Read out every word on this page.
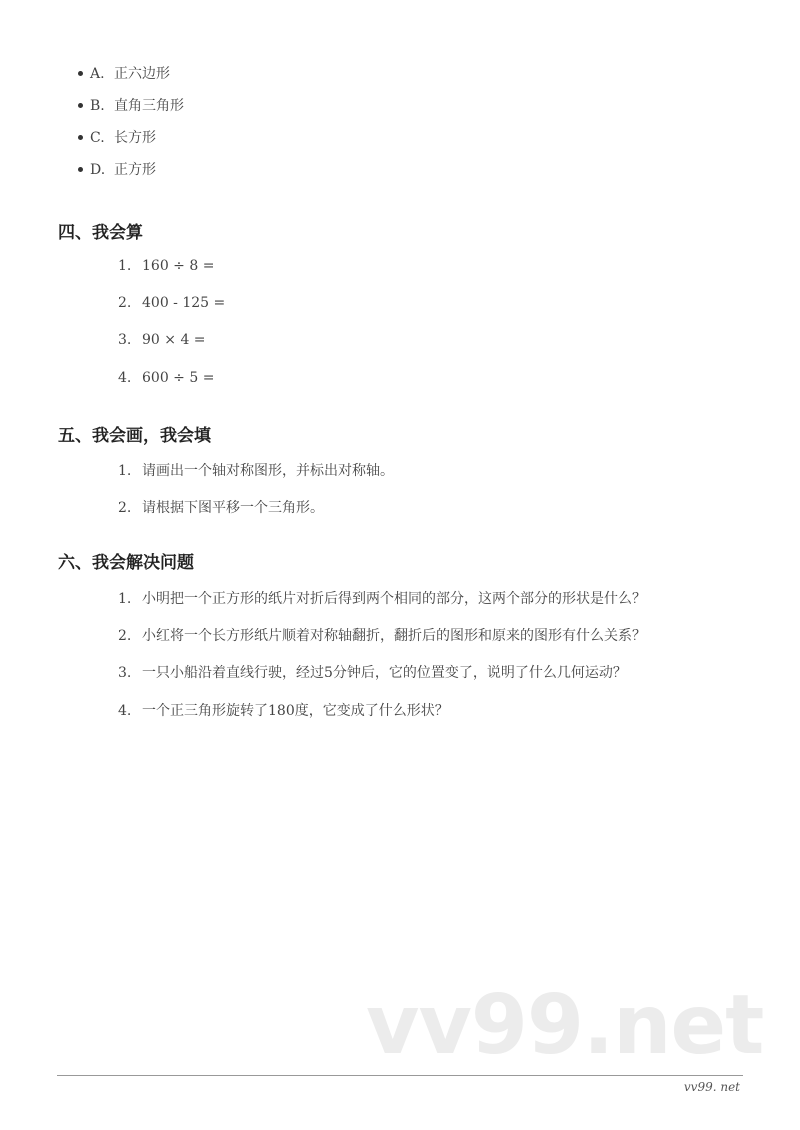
A. 正六边形
B. 直角三角形
C. 长方形
D. 正方形
四、我会算
1. 160 ÷ 8 =
2. 400 - 125 =
3. 90 × 4 =
4. 600 ÷ 5 =
五、我会画，我会填
1. 请画出一个轴对称图形，并标出对称轴。
2. 请根据下图平移一个三角形。
六、我会解决问题
1. 小明把一个正方形的纸片对折后得到两个相同的部分，这两个部分的形状是什么？
2. 小红将一个长方形纸片顺着对称轴翻折，翻折后的图形和原来的图形有什么关系？
3. 一只小船沿着直线行驶，经过5分钟后，它的位置变了，说明了什么几何运动？
4. 一个正三角形旋转了180度，它变成了什么形状？
vv99.net
vv99. net
